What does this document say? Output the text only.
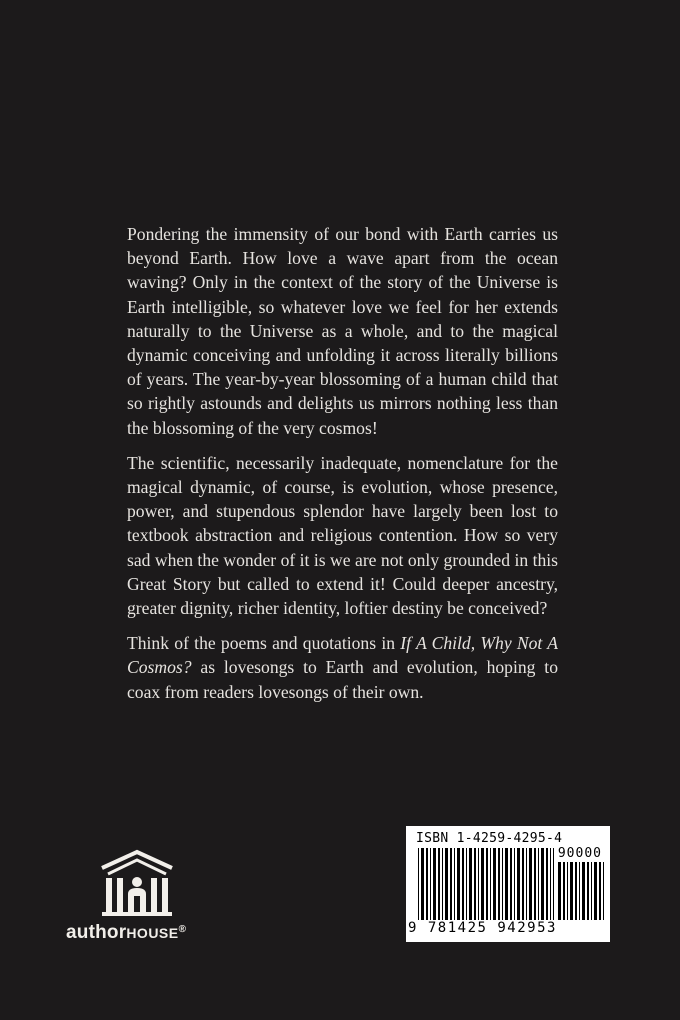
Pondering the immensity of our bond with Earth carries us beyond Earth. How love a wave apart from the ocean waving? Only in the context of the story of the Universe is Earth intelligible, so whatever love we feel for her extends naturally to the Universe as a whole, and to the magical dynamic conceiving and unfolding it across literally billions of years. The year-by-year blossoming of a human child that so rightly astounds and delights us mirrors nothing less than the blossoming of the very cosmos!

The scientific, necessarily inadequate, nomenclature for the magical dynamic, of course, is evolution, whose presence, power, and stupendous splendor have largely been lost to textbook abstraction and religious contention. How so very sad when the wonder of it is we are not only grounded in this Great Story but called to extend it! Could deeper ancestry, greater dignity, richer identity, loftier destiny be conceived?

Think of the poems and quotations in If A Child, Why Not A Cosmos? as lovesongs to Earth and evolution, hoping to coax from readers lovesongs of their own.

authorHOUSE®
ISBN 1-4259-4295-4
90000
9 781425 942953
